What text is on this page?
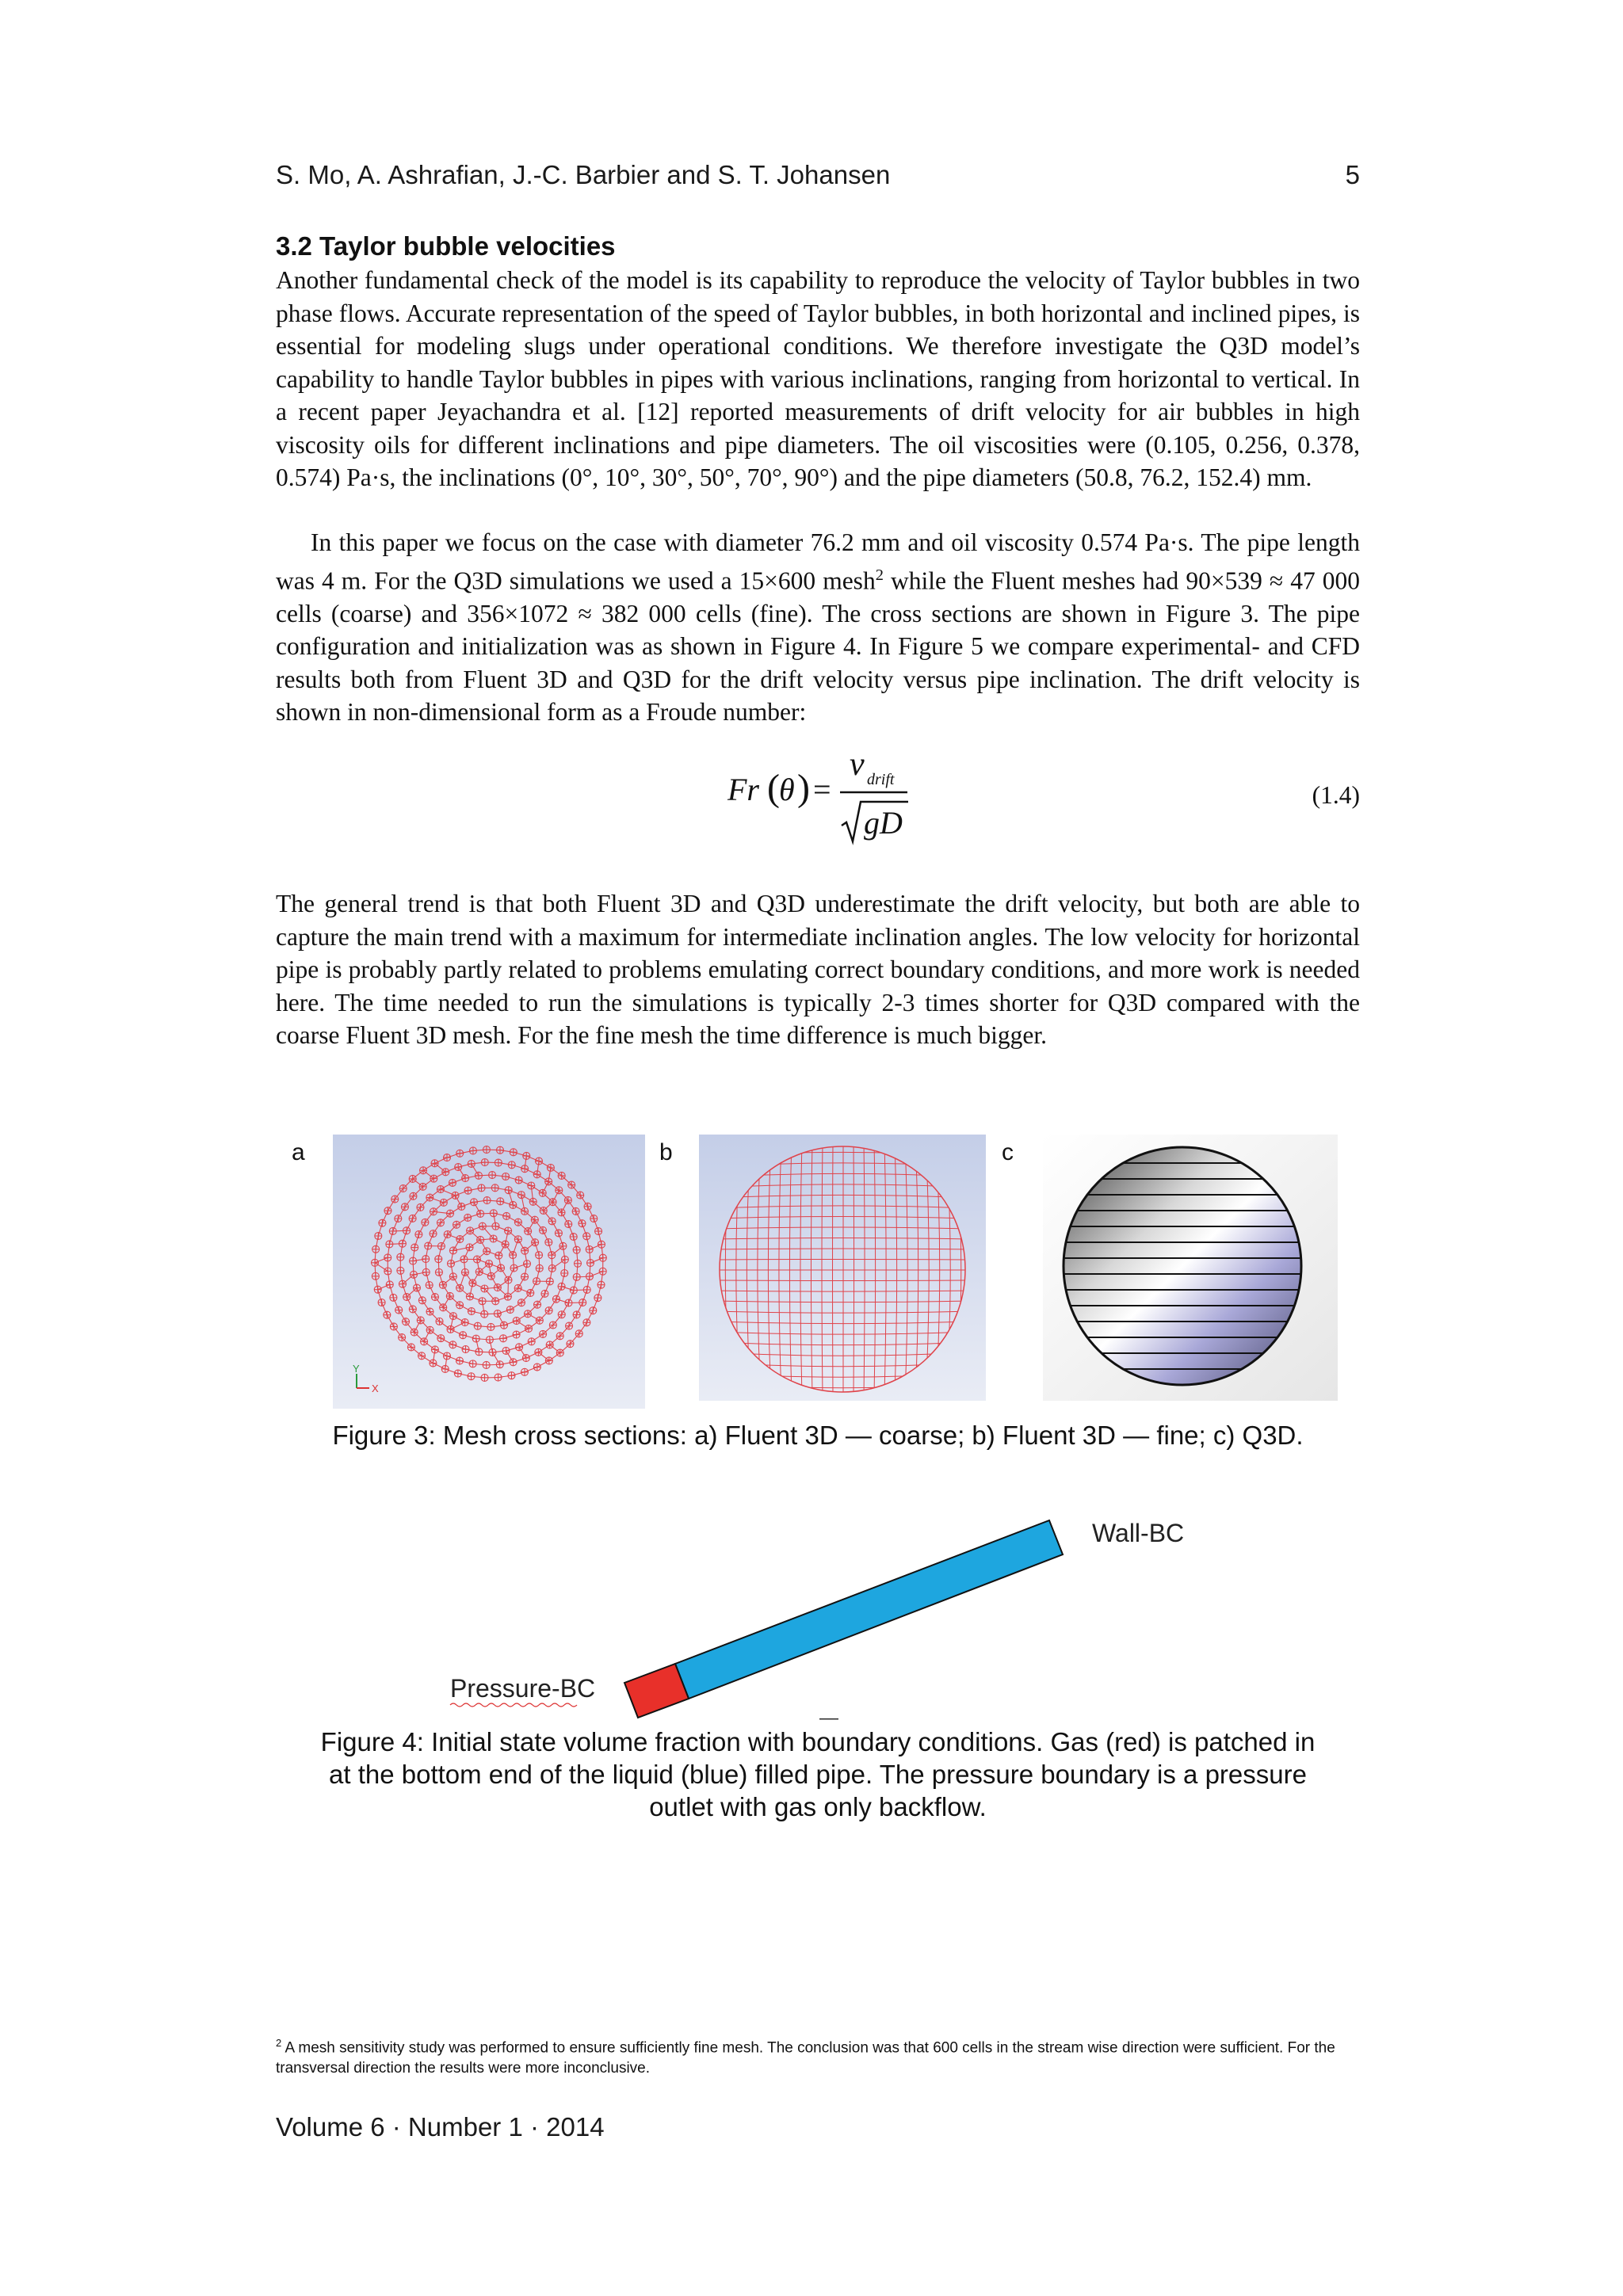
S. Mo, A. Ashrafian, J.-C. Barbier and S. T. Johansen	5
3.2 Taylor bubble velocities

Another fundamental check of the model is its capability to reproduce the velocity of Taylor bubbles in two phase flows. Accurate representation of the speed of Taylor bubbles, in both horizontal and inclined pipes, is essential for modeling slugs under operational conditions. We therefore investigate the Q3D model’s capability to handle Taylor bubbles in pipes with various inclinations, ranging from horizontal to vertical. In a recent paper Jeyachandra et al. [12] reported measurements of drift velocity for air bubbles in high viscosity oils for different inclinations and pipe diameters. The oil viscosities were (0.105, 0.256, 0.378, 0.574) Pa·s, the inclinations (0°, 10°, 30°, 50°, 70°, 90°) and the pipe diameters (50.8, 76.2, 152.4) mm.

In this paper we focus on the case with diameter 76.2 mm and oil viscosity 0.574 Pa·s. The pipe length was 4 m. For the Q3D simulations we used a 15×600 mesh$^2$ while the Fluent meshes had 90×539 ≈ 47 000 cells (coarse) and 356×1072 ≈ 382 000 cells (fine). The cross sections are shown in Figure 3. The pipe configuration and initialization was as shown in Figure 4. In Figure 5 we compare experimental- and CFD results both from Fluent 3D and Q3D for the drift velocity versus pipe inclination. The drift velocity is shown in non-dimensional form as a Froude number:

Fr ( θ ) =
v drift
gD
(1.4)

The general trend is that both Fluent 3D and Q3D underestimate the drift velocity, but both are able to capture the main trend with a maximum for intermediate inclination angles. The low velocity for horizontal pipe is probably partly related to problems emulating correct boundary conditions, and more work is needed here. The time needed to run the simulations is typically 2-3 times shorter for Q3D compared with the coarse Fluent 3D mesh. For the fine mesh the time difference is much bigger.

a	b	c
Y
X
Figure 3: Mesh cross sections: a) Fluent 3D — coarse; b) Fluent 3D — fine; c) Q3D.
Wall-BC
Pressure-BC
—
Figure 4: Initial state volume fraction with boundary conditions. Gas (red) is patched in
at the bottom end of the liquid (blue) filled pipe. The pressure boundary is a pressure
outlet with gas only backflow.
$^2$ A mesh sensitivity study was performed to ensure sufficiently fine mesh. The conclusion was that 600 cells in the stream wise direction were sufficient. For the transversal direction the results were more inconclusive.
Volume 6 · Number 1 · 2014
